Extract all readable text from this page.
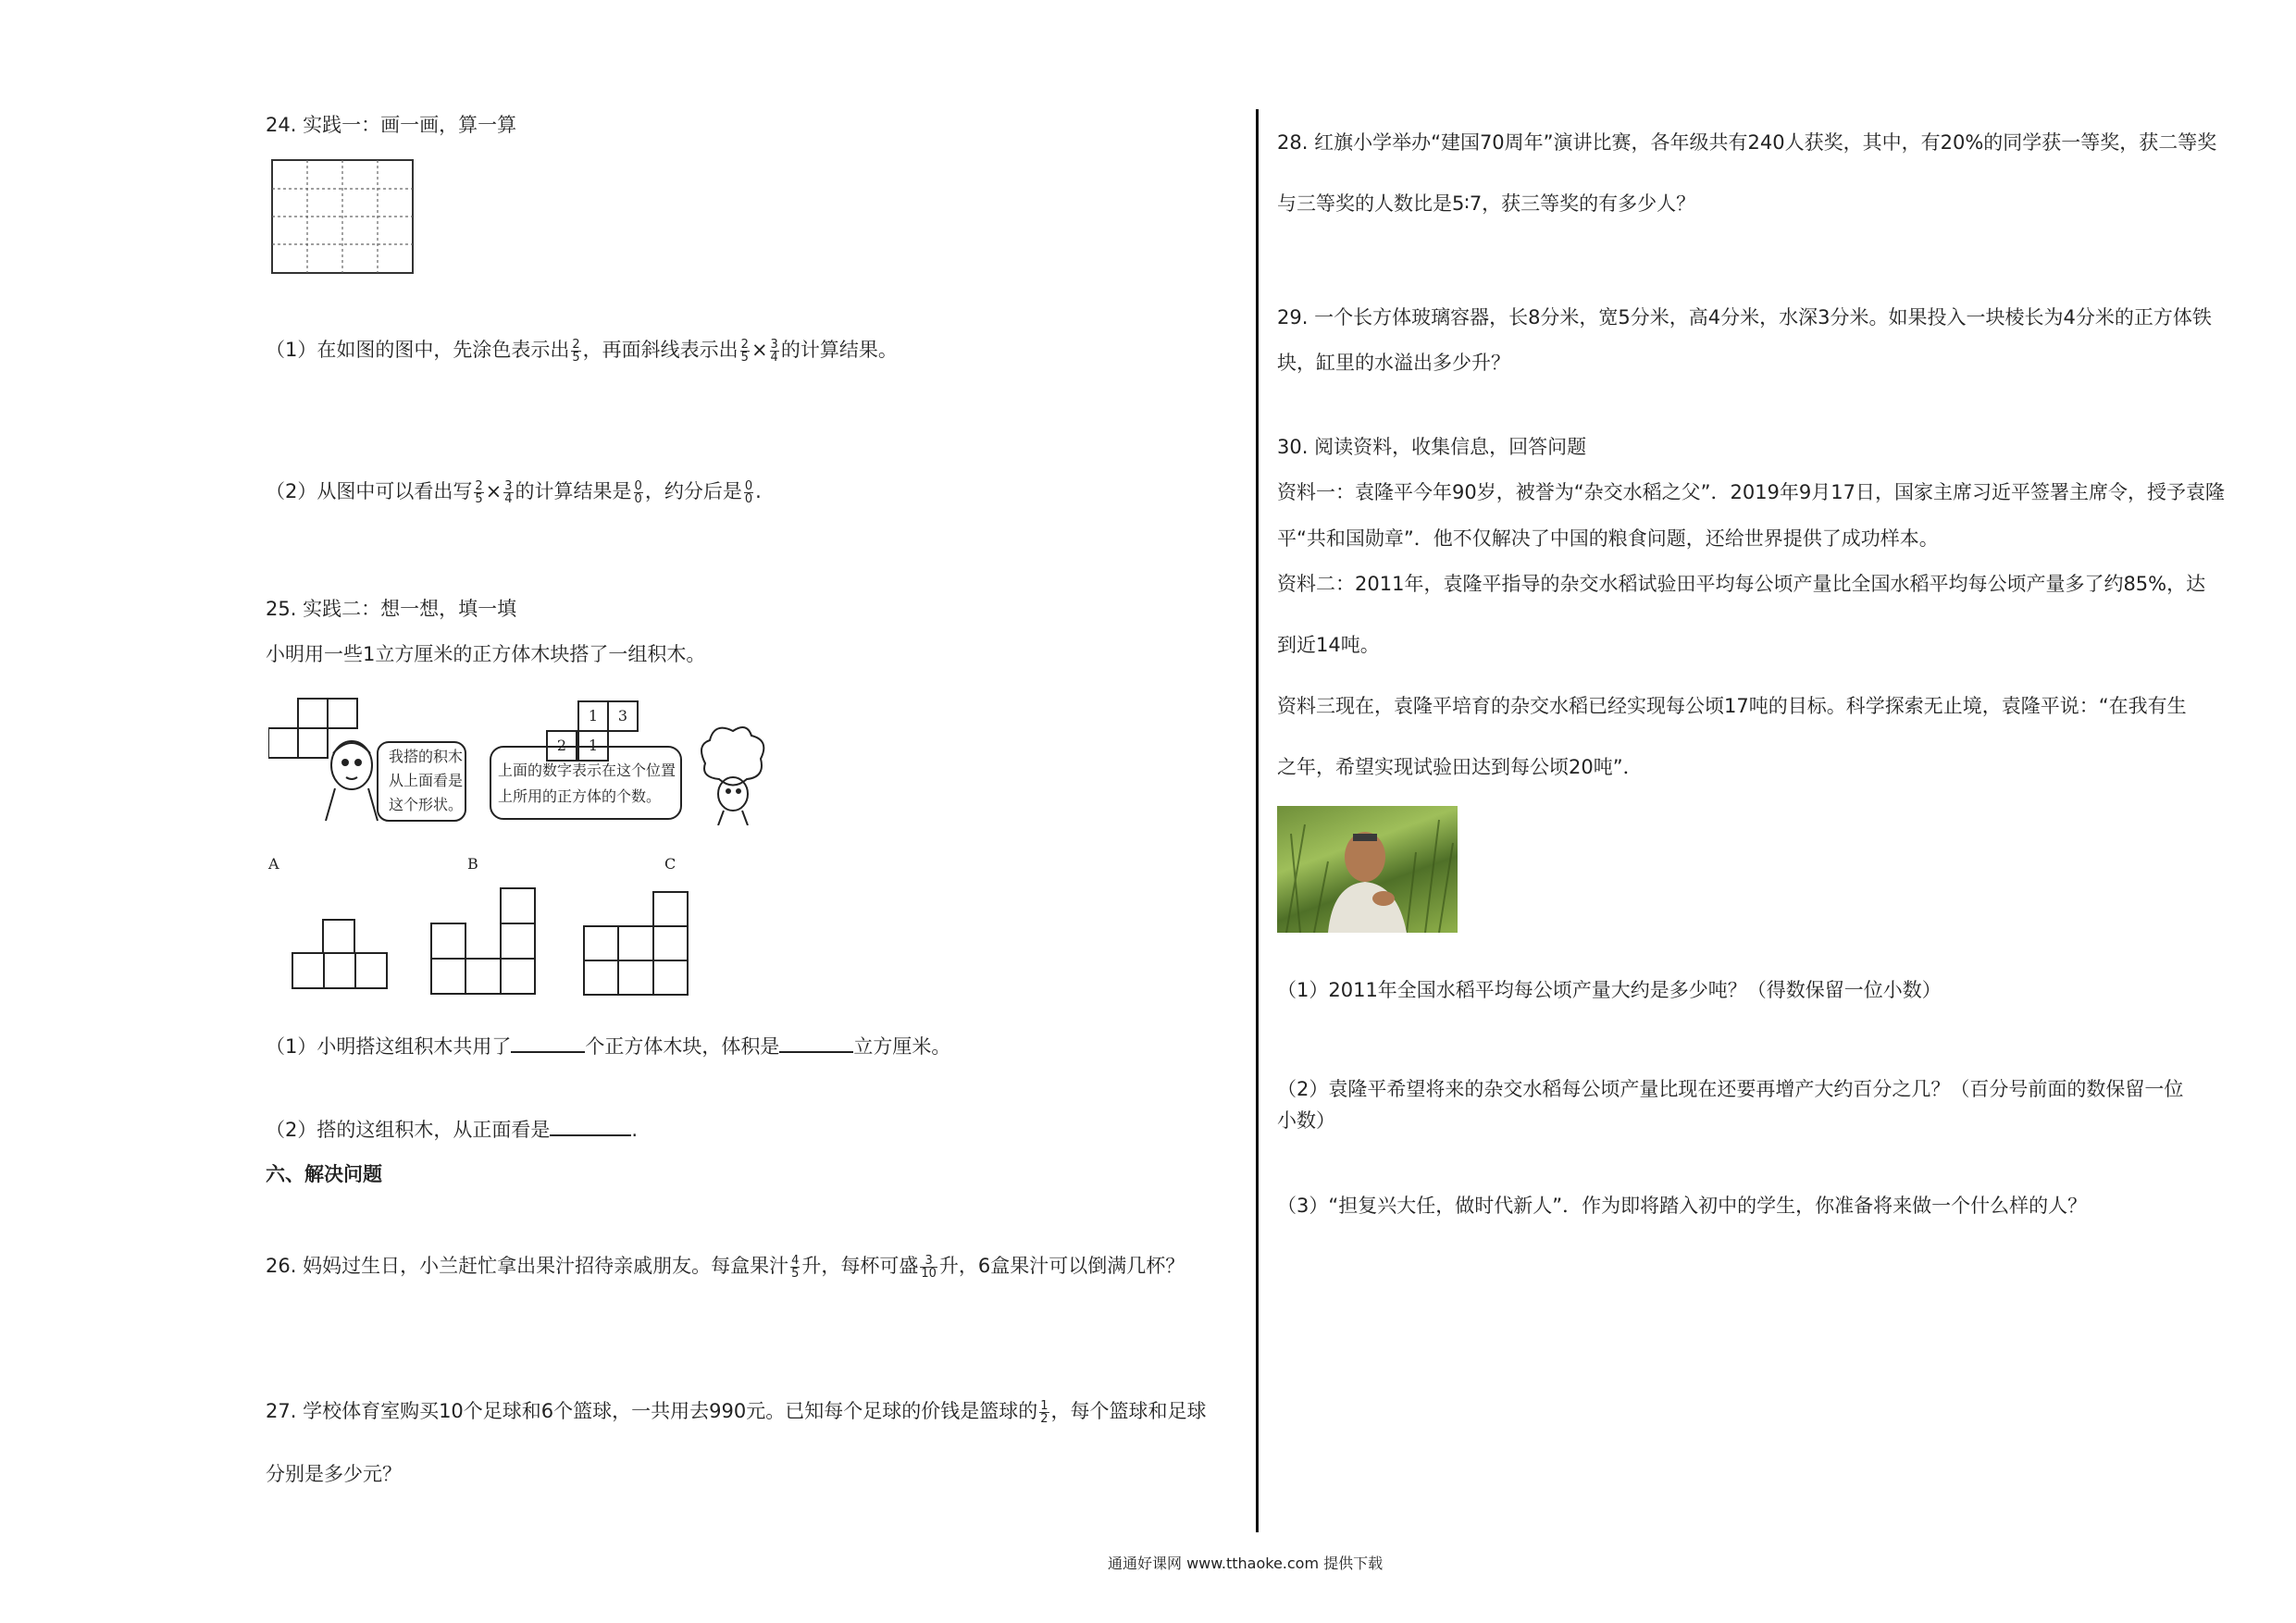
24. 实践一：画一画，算一算
（1）在如图的图中，先涂色表示出 $\frac{2}{5}$ ，再面斜线表示出 $\frac{2}{5} \times \frac{3}{4}$ 的计算结果。
（2）从图中可以看出写 $\frac{2}{5} \times \frac{3}{4}$ 的计算结果是 $\frac{0}{0}$ ，约分后是 $\frac{0}{0}$ .
25. 实践二：想一想，填一填
小明用一些1立方厘米的正方体木块搭了一组积木。
我搭的积木
从上面看是
这个形状。
上面的数字表示在这个位置
上所用的正方体的个数。
1	3
2	1
A	B	C
（1）小明搭这组积木共用了	个正方体木块，体积是	立方厘米。
（2）搭的这组积木，从正面看是	.
六、解决问题
26. 妈妈过生日，小兰赶忙拿出果汁招待亲戚朋友。每盒果汁 $\frac{4}{5}$ 升，每杯可盛 $\frac{3}{10}$ 升，6盒果汁可以倒满几杯？
27. 学校体育室购买10个足球和6个篮球，一共用去990元。已知每个足球的价钱是篮球的 $\frac{1}{2}$ ，每个篮球和足球
分别是多少元？
28. 红旗小学举办“建国70周年”演讲比赛，各年级共有240人获奖，其中，有20%的同学获一等奖，获二等奖
与三等奖的人数比是5∶7，获三等奖的有多少人？
29. 一个长方体玻璃容器，长8分米，宽5分米，高4分米，水深3分米。如果投入一块棱长为4分米的正方体铁
块，缸里的水溢出多少升？
30. 阅读资料，收集信息，回答问题
资料一：袁隆平今年90岁，被誉为“杂交水稻之父”．2019年9月17日，国家主席习近平签署主席令，授予袁隆
平“共和国勋章”．他不仅解决了中国的粮食问题，还给世界提供了成功样本。
资料二：2011年，袁隆平指导的杂交水稻试验田平均每公顷产量比全国水稻平均每公顷产量多了约85%，达
到近14吨。
资料三现在，袁隆平培育的杂交水稻已经实现每公顷17吨的目标。科学探索无止境，袁隆平说：“在我有生
之年，希望实现试验田达到每公顷20吨”．
（1）2011年全国水稻平均每公顷产量大约是多少吨？（得数保留一位小数）
（2）袁隆平希望将来的杂交水稻每公顷产量比现在还要再增产大约百分之几？（百分号前面的数保留一位
小数）
（3）“担复兴大任，做时代新人”．作为即将踏入初中的学生，你准备将来做一个什么样的人？
通通好课网 www.tthaoke.com 提供下载
